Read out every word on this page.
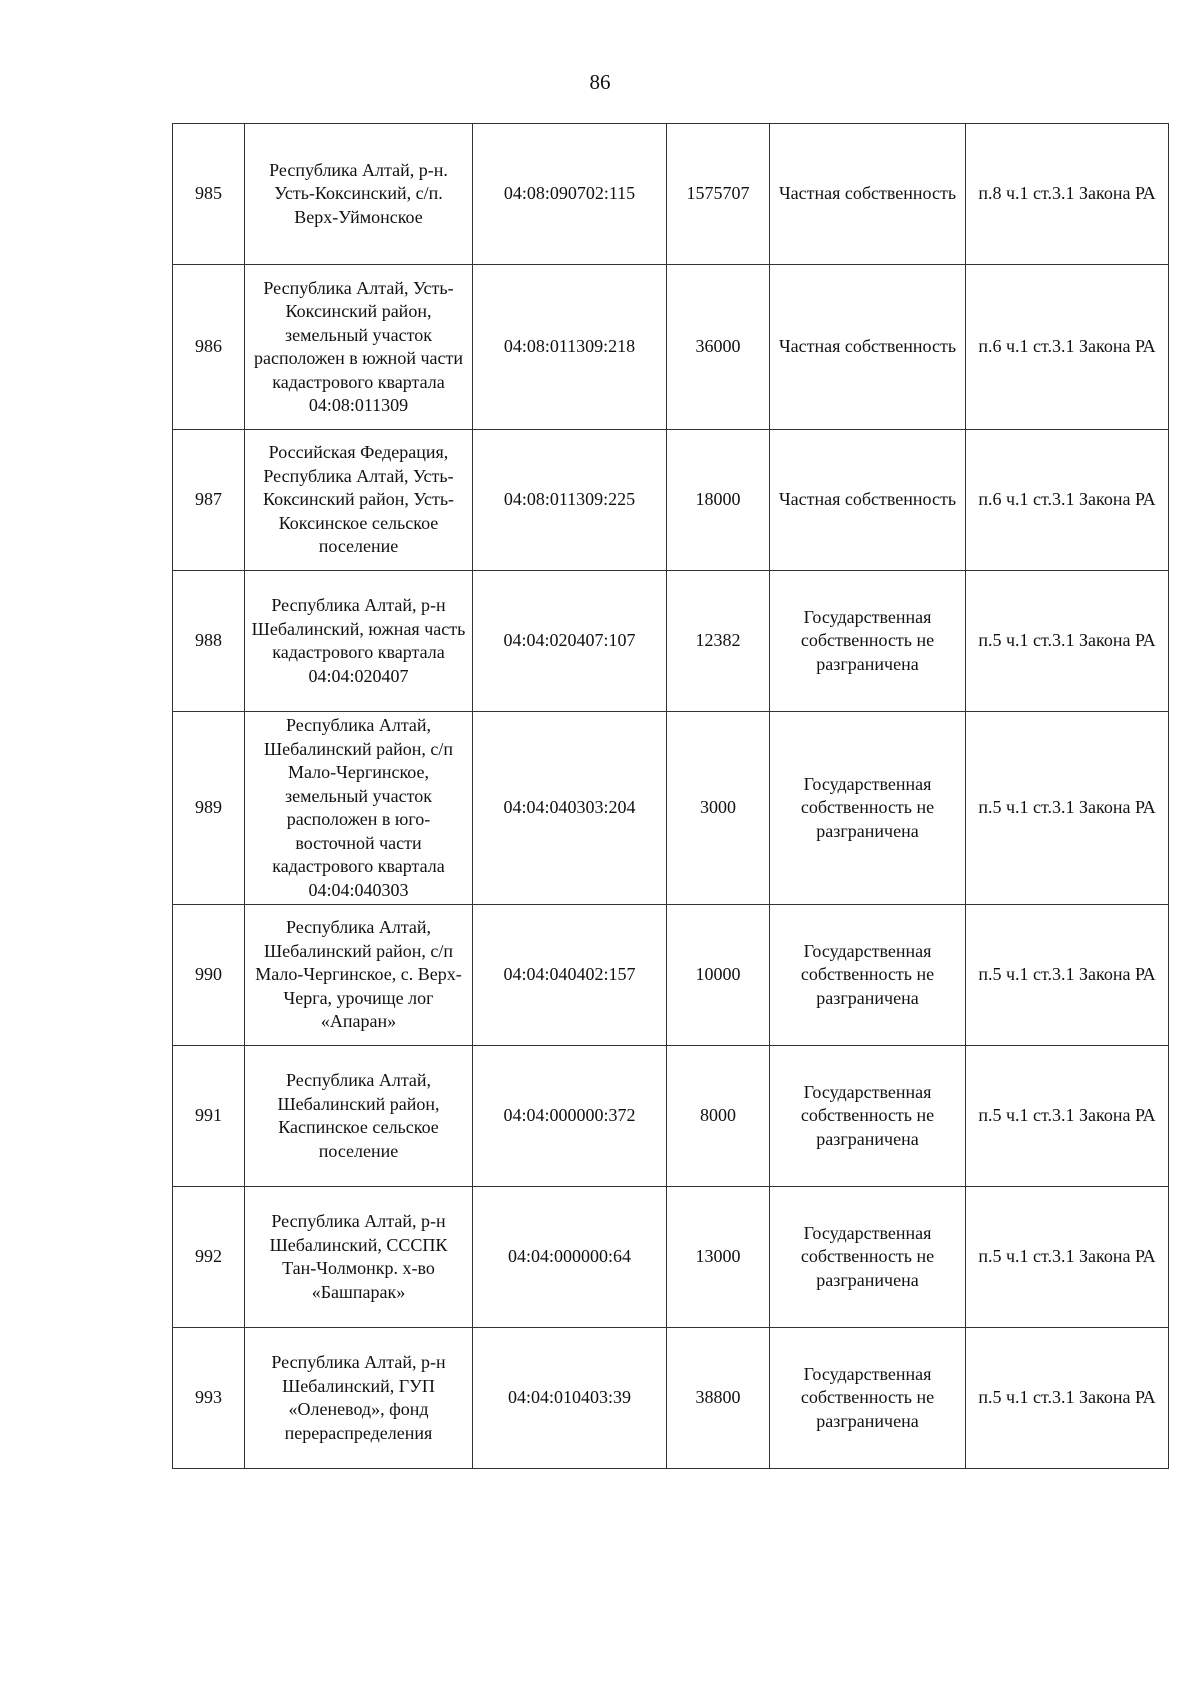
86
985	Республика Алтай, р-н. Усть-Коксинский, с/п. Верх-Уймонское	04:08:090702:115	1575707	Частная собственность	п.8 ч.1 ст.3.1 Закона РА
986	Республика Алтай, Усть-Коксинский район, земельный участок расположен в южной части кадастрового квартала 04:08:011309	04:08:011309:218	36000	Частная собственность	п.6 ч.1 ст.3.1 Закона РА
987	Российская Федерация, Республика Алтай, Усть-Коксинский район, Усть-Коксинское сельское поселение	04:08:011309:225	18000	Частная собственность	п.6 ч.1 ст.3.1 Закона РА
988	Республика Алтай, р-н Шебалинский, южная часть кадастрового квартала 04:04:020407	04:04:020407:107	12382	Государственная собственность не разграничена	п.5 ч.1 ст.3.1 Закона РА
989	Республика Алтай, Шебалинский район, с/п Мало-Чергинское, земельный участок расположен в юго-восточной части кадастрового квартала 04:04:040303	04:04:040303:204	3000	Государственная собственность не разграничена	п.5 ч.1 ст.3.1 Закона РА
990	Республика Алтай, Шебалинский район, с/п Мало-Чергинское, с. Верх-Черга, урочище лог «Апаран»	04:04:040402:157	10000	Государственная собственность не разграничена	п.5 ч.1 ст.3.1 Закона РА
991	Республика Алтай, Шебалинский район, Каспинское сельское поселение	04:04:000000:372	8000	Государственная собственность не разграничена	п.5 ч.1 ст.3.1 Закона РА
992	Республика Алтай, р-н Шебалинский, СССПК Тан-Чолмонкр. х-во «Башпарак»	04:04:000000:64	13000	Государственная собственность не разграничена	п.5 ч.1 ст.3.1 Закона РА
993	Республика Алтай, р-н Шебалинский, ГУП «Оленевод», фонд перераспределения	04:04:010403:39	38800	Государственная собственность не разграничена	п.5 ч.1 ст.3.1 Закона РА
